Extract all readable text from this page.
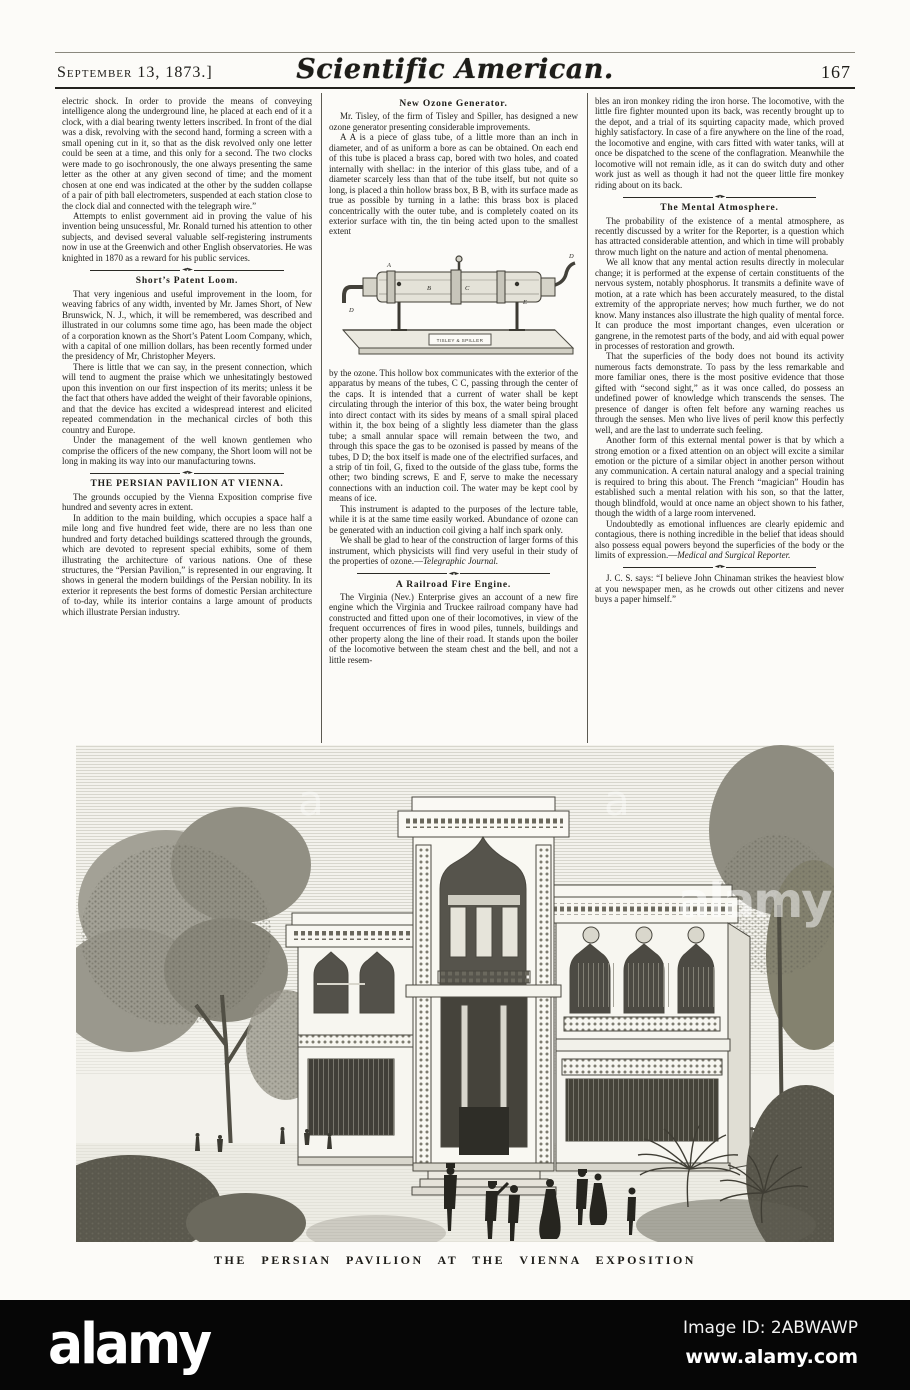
September 13, 1873.]	Scientific American.	167

electric shock. In order to provide the means of conveying intelligence along the underground line, he placed at each end of it a clock, with a dial bearing twenty letters inscribed. In front of the dial was a disk, revolving with the second hand, forming a screen with a small opening cut in it, so that as the disk revolved only one letter could be seen at a time, and this only for a second. The two clocks were made to go isochronously, the one always presenting the same letter as the other at any given second of time; and the moment chosen at one end was indicated at the other by the sudden collapse of a pair of pith ball electrometers, suspended at each station close to the clock dial and connected with the telegraph wire.”

Attempts to enlist government aid in proving the value of his invention being unsucessful, Mr. Ronald turned his attention to other subjects, and devised several valuable self-registering instruments now in use at the Greenwich and other English observatories. He was knighted in 1870 as a reward for his public services.

◄•►
Short’s Patent Loom.

That very ingenious and useful improvement in the loom, for weaving fabrics of any width, invented by Mr. James Short, of New Brunswick, N. J., which, it will be remembered, was described and illustrated in our columns some time ago, has been made the object of a corporation known as the Short’s Patent Loom Company, which, with a capital of one million dollars, has been recently formed under the presidency of Mr, Christopher Meyers.

There is little that we can say, in the present connection, which will tend to augment the praise which we unhesitatingly bestowed upon this invention on our first inspection of its merits; unless it be the fact that others have added the weight of their favorable opinions, and that the device has excited a widespread interest and elicited repeated commendation in the mechanical circles of both this country and Europe.

Under the management of the well known gentlemen who comprise the officers of the new company, the Short loom will not be long in making its way into our manufacturing towns.

◄•►
THE PERSIAN PAVILION AT VIENNA.

The grounds occupied by the Vienna Exposition comprise five hundred and seventy acres in extent.

In addition to the main building, which occupies a space half a mile long and five hundred feet wide, there are no less than one hundred and forty detached buildings scattered through the grounds, which are devoted to represent special exhibits, some of them illustrating the architecture of various nations. One of these structures, the “Persian Pavilion,” is represented in our engraving. It shows in general the modern buildings of the Persian nobility. In its exterior it represents the best forms of domestic Persian architecture of to-day, while its interior contains a large amount of products which illustrate Persian industry.

New Ozone Generator.

Mr. Tisley, of the firm of Tisley and Spiller, has designed a new ozone generator presenting considerable improvements.

A A is a piece of glass tube, of a little more than an inch in diameter, and of as uniform a bore as can be obtained. On each end of this tube is placed a brass cap, bored with two holes, and coated internally with shellac: in the interior of this glass tube, and of a diameter scarcely less than that of the tube itself, but not quite so long, is placed a thin hollow brass box, B B, with its surface made as true as possible by turning in a lathe: this brass box is placed concentrically with the outer tube, and is completely coated on its exterior surface with tin, the tin being acted upon to the smallest extent

TISLEY & SPILLER
A
B	C
D
D
E

by the ozone. This hollow box communicates with the exterior of the apparatus by means of the tubes, C C, passing through the center of the caps. It is intended that a current of water shall be kept circulating through the interior of this box, the water being brought into direct contact with its sides by means of a small spiral placed within it, the box being of a slightly less diameter than the glass tube; a small annular space will remain between the two, and through this space the gas to be ozonised is passed by means of the tubes, D D; the box itself is made one of the electrified surfaces, and a strip of tin foil, G, fixed to the outside of the glass tube, forms the other; two binding screws, E and F, serve to make the necessary connections with an induction coil. The water may be kept cool by means of ice.

This instrument is adapted to the purposes of the lecture table, while it is at the same time easily worked. Abundance of ozone can be generated with an induction coil giving a half inch spark only.

We shall be glad to hear of the construction of larger forms of this instrument, which physicists will find very useful in their study of the properties of ozone.—Telegraphic Journal.

◄•►
A Railroad Fire Engine.

The Virginia (Nev.) Enterprise gives an account of a new fire engine which the Virginia and Truckee railroad company have had constructed and fitted upon one of their locomotives, in view of the frequent occurrences of fires in wood piles, tunnels, buildings and other property along the line of their road. It stands upon the boiler of the locomotive between the steam chest and the bell, and not a little resem-

bles an iron monkey riding the iron horse. The locomotive, with the little fire fighter mounted upon its back, was recently brought up to the depot, and a trial of its squirting capacity made, which proved highly satisfactory. In case of a fire anywhere on the line of the road, the locomotive and engine, with cars fitted with water tanks, will at once be dispatched to the scene of the conflagration. Meanwhile the locomotive will not remain idle, as it can do switch duty and other work just as well as though it had not the queer little fire monkey riding about on its back.

◄•►
The Mental Atmosphere.

The probability of the existence of a mental atmosphere, as recently discussed by a writer for the Reporter, is a question which has attracted considerable attention, and which in time will probably throw much light on the nature and action of mental phenomena.

We all know that any mental action results directly in molecular change; it is performed at the expense of certain constituents of the nervous system, notably phosphorus. It transmits a definite wave of motion, at a rate which has been accurately measured, to the distal extremity of the appropriate nerves; how much further, we do not know. Many instances also illustrate the high quality of mental force. It can produce the most important changes, even ulceration or gangrene, in the remotest parts of the body, and aid with equal power in processes of restoration and growth.

That the superficies of the body does not bound its activity numerous facts demonstrate. To pass by the less remarkable and more familiar ones, there is the most positive evidence that those gifted with “second sight,” as it was once called, do possess an undefined power of knowledge which transcends the senses. The presence of danger is often felt before any warning reaches us through the senses. Men who live lives of peril know this perfectly well, and are the last to underrate such feeling.

Another form of this external mental power is that by which a strong emotion or a fixed attention on an object will excite a similar emotion or the picture of a similar object in another person without any communication. A certain natural analogy and a special training is required to bring this about. The French “magician” Houdin has established such a mental relation with his son, so that the latter, though blindfold, would at once name an object shown to his father, though the width of a large room intervened.

Undoubtedly as emotional influences are clearly epidemic and contagious, there is nothing incredible in the belief that ideas should also possess equal powers beyond the superficies of the body or the limits of expression.—Medical and Surgical Reporter.

◄•►

J. C. S. says: “I believe John Chinaman strikes the heaviest blow at you newspaper men, as he crowds out other citizens and never buys a paper himself.”

a	a
alamy
THE PERSIAN PAVILION AT THE VIENNA EXPOSITION
alamy	Image ID: 2ABWAWP
www.alamy.com
